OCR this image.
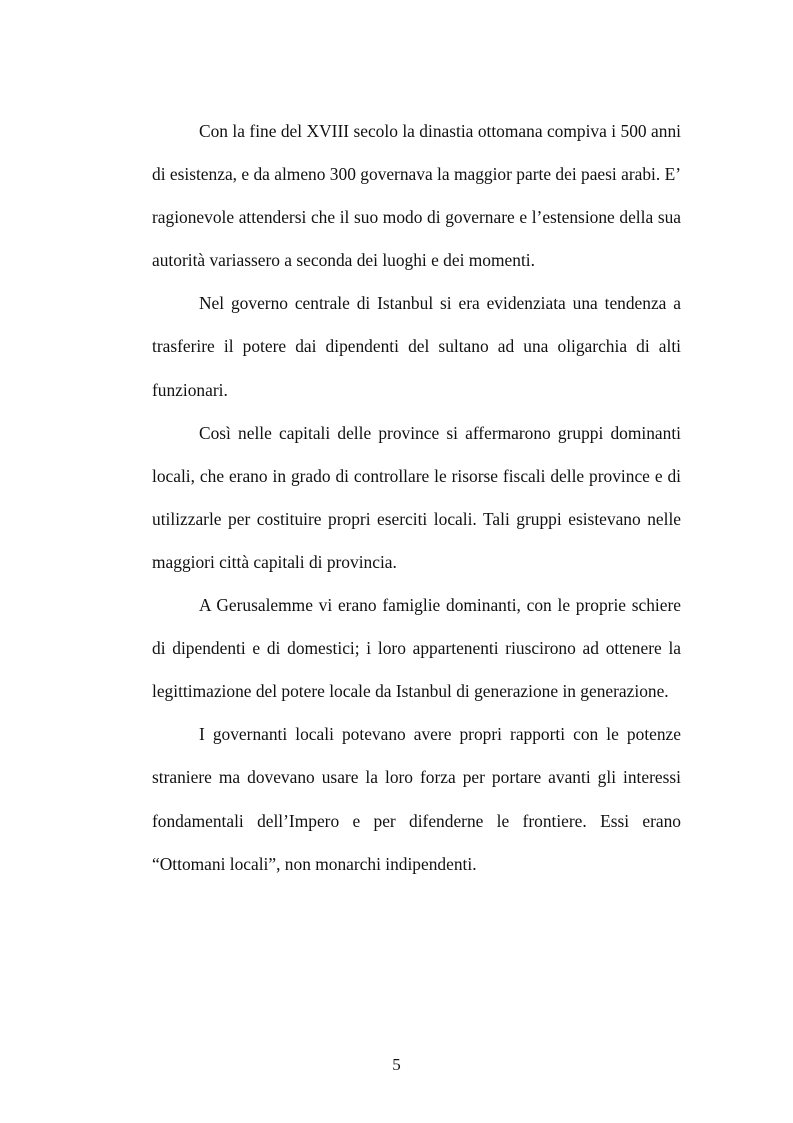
Con la fine del XVIII secolo la dinastia ottomana compiva i 500 anni di esistenza, e da almeno 300 governava la maggior parte dei paesi arabi. E’ ragionevole attendersi che il suo modo di governare e l’estensione della sua autorità variassero a seconda dei luoghi e dei momenti.

Nel governo centrale di Istanbul si era evidenziata una tendenza a trasferire il potere dai dipendenti del sultano ad una oligarchia di alti funzionari.

Così nelle capitali delle province si affermarono gruppi dominanti locali, che erano in grado di controllare le risorse fiscali delle province e di utilizzarle per costituire propri eserciti locali. Tali gruppi esistevano nelle maggiori città capitali di provincia.

A Gerusalemme vi erano famiglie dominanti, con le proprie schiere di dipendenti e di domestici; i loro appartenenti riuscirono ad ottenere la legittimazione del potere locale da Istanbul di generazione in generazione.

I governanti locali potevano avere propri rapporti con le potenze straniere ma dovevano usare la loro forza per portare avanti gli interessi fondamentali dell’Impero e per difenderne le frontiere. Essi erano “Ottomani locali”, non monarchi indipendenti.

5
